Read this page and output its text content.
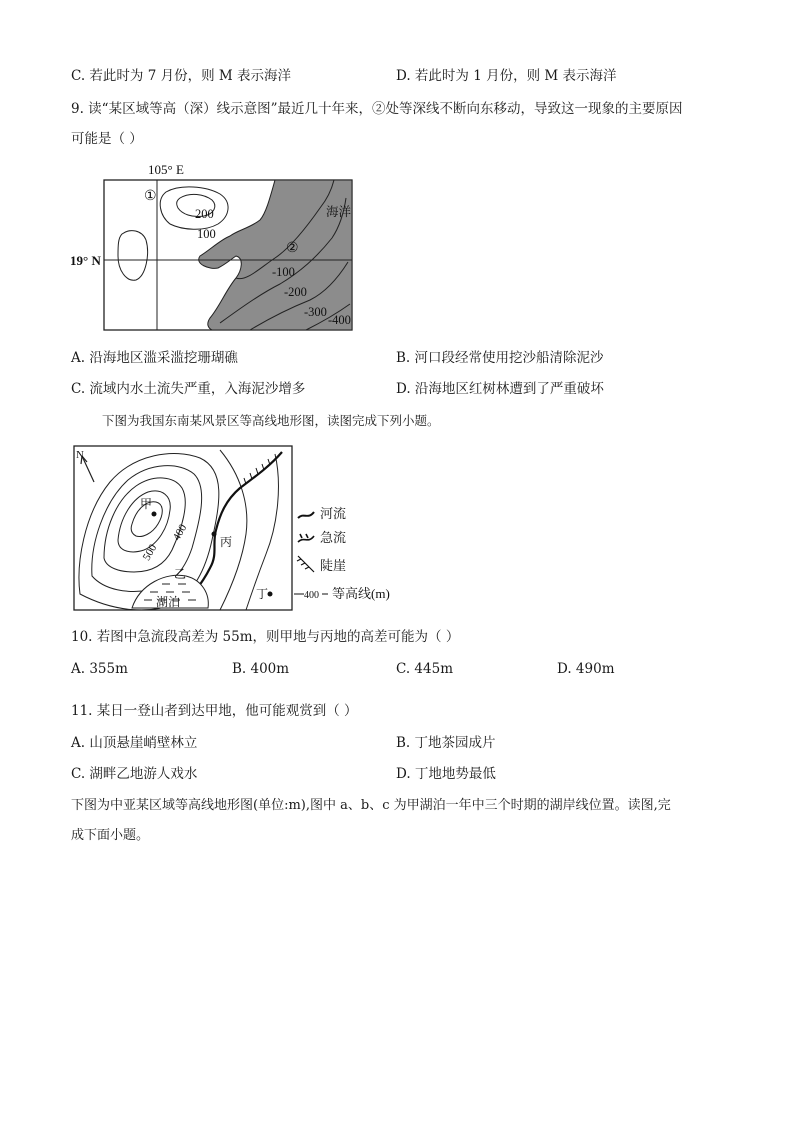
C. 若此时为 7 月份，则 M 表示海洋	D. 若此时为 1 月份，则 M 表示海洋
9. 读“某区域等高（深）线示意图”最近几十年来，②处等深线不断向东移动，导致这一现象的主要原因
可能是（ ）
105° E
19° N
海洋
①
②
200
100
-100
-200
-300
-400
A. 沿海地区滥采滥挖珊瑚礁	B. 河口段经常使用挖沙船清除泥沙
C. 流域内水土流失严重，入海泥沙增多	D. 沿海地区红树林遭到了严重破坏
下图为我国东南某风景区等高线地形图，读图完成下列小题。
N
甲
乙
丙
丁
湖泊
500
400
河流
急流
陡崖
400 等高线(m)
10. 若图中急流段高差为 55m，则甲地与丙地的高差可能为（ ）
A. 355m	B. 400m	C. 445m	D. 490m
11. 某日一登山者到达甲地，他可能观赏到（ ）
A. 山顶悬崖峭壁林立	B. 丁地茶园成片
C. 湖畔乙地游人戏水	D. 丁地地势最低
下图为中亚某区域等高线地形图(单位:m),图中 a、b、c 为甲湖泊一年中三个时期的湖岸线位置。读图,完
成下面小题。
